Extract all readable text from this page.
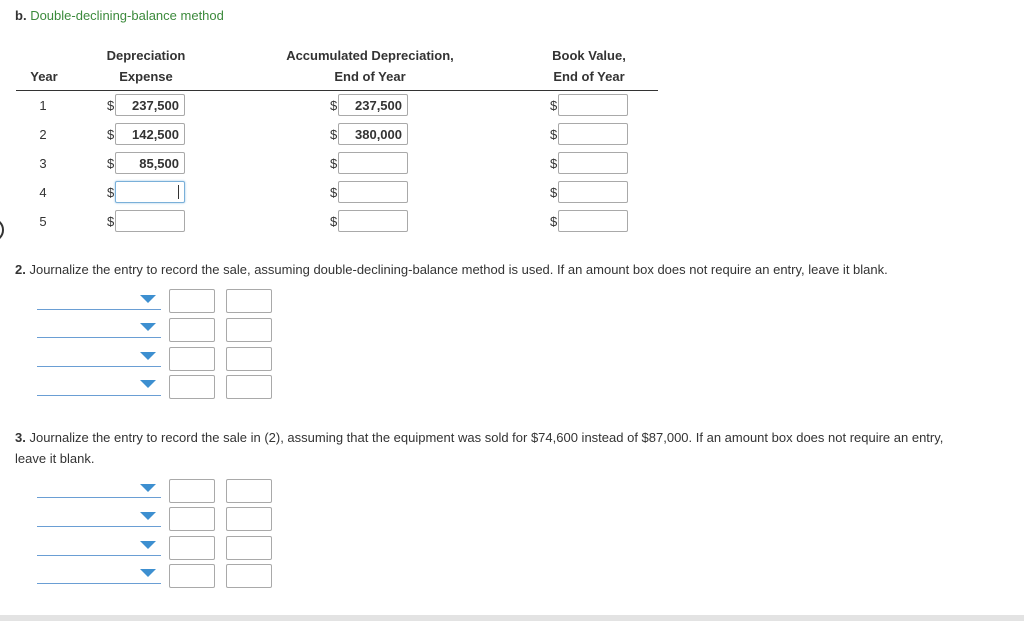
b. Double-declining-balance method
Year
Depreciation
Expense
Accumulated Depreciation,
End of Year
Book Value,
End of Year
1	$	237,500	$	237,500	$
2	$	142,500	$	380,000	$
3	$	85,500	$	$
4	$	$	$
5	$	$	$
2. Journalize the entry to record the sale, assuming double-declining-balance method is used. If an amount box does not require an entry, leave it blank.
3. Journalize the entry to record the sale in (2), assuming that the equipment was sold for $74,600 instead of $87,000. If an amount box does not require an entry,
leave it blank.
